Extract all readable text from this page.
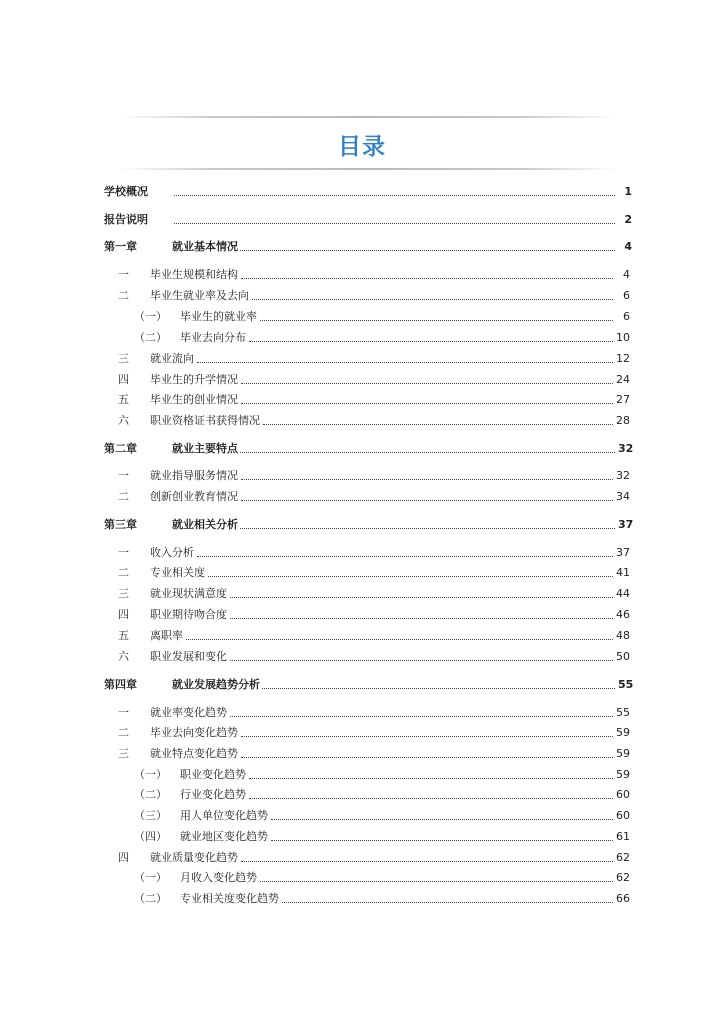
目录
学校概况	1
报告说明	2
第一章	就业基本情况	4
一	毕业生规模和结构	4
二	毕业生就业率及去向	6
（一）	毕业生的就业率	6
（二）	毕业去向分布	10
三	就业流向	12
四	毕业生的升学情况	24
五	毕业生的创业情况	27
六	职业资格证书获得情况	28
第二章	就业主要特点	32
一	就业指导服务情况	32
二	创新创业教育情况	34
第三章	就业相关分析	37
一	收入分析	37
二	专业相关度	41
三	就业现状满意度	44
四	职业期待吻合度	46
五	离职率	48
六	职业发展和变化	50
第四章	就业发展趋势分析	55
一	就业率变化趋势	55
二	毕业去向变化趋势	59
三	就业特点变化趋势	59
（一）	职业变化趋势	59
（二）	行业变化趋势	60
（三）	用人单位变化趋势	60
（四）	就业地区变化趋势	61
四	就业质量变化趋势	62
（一）	月收入变化趋势	62
（二）	专业相关度变化趋势	66
